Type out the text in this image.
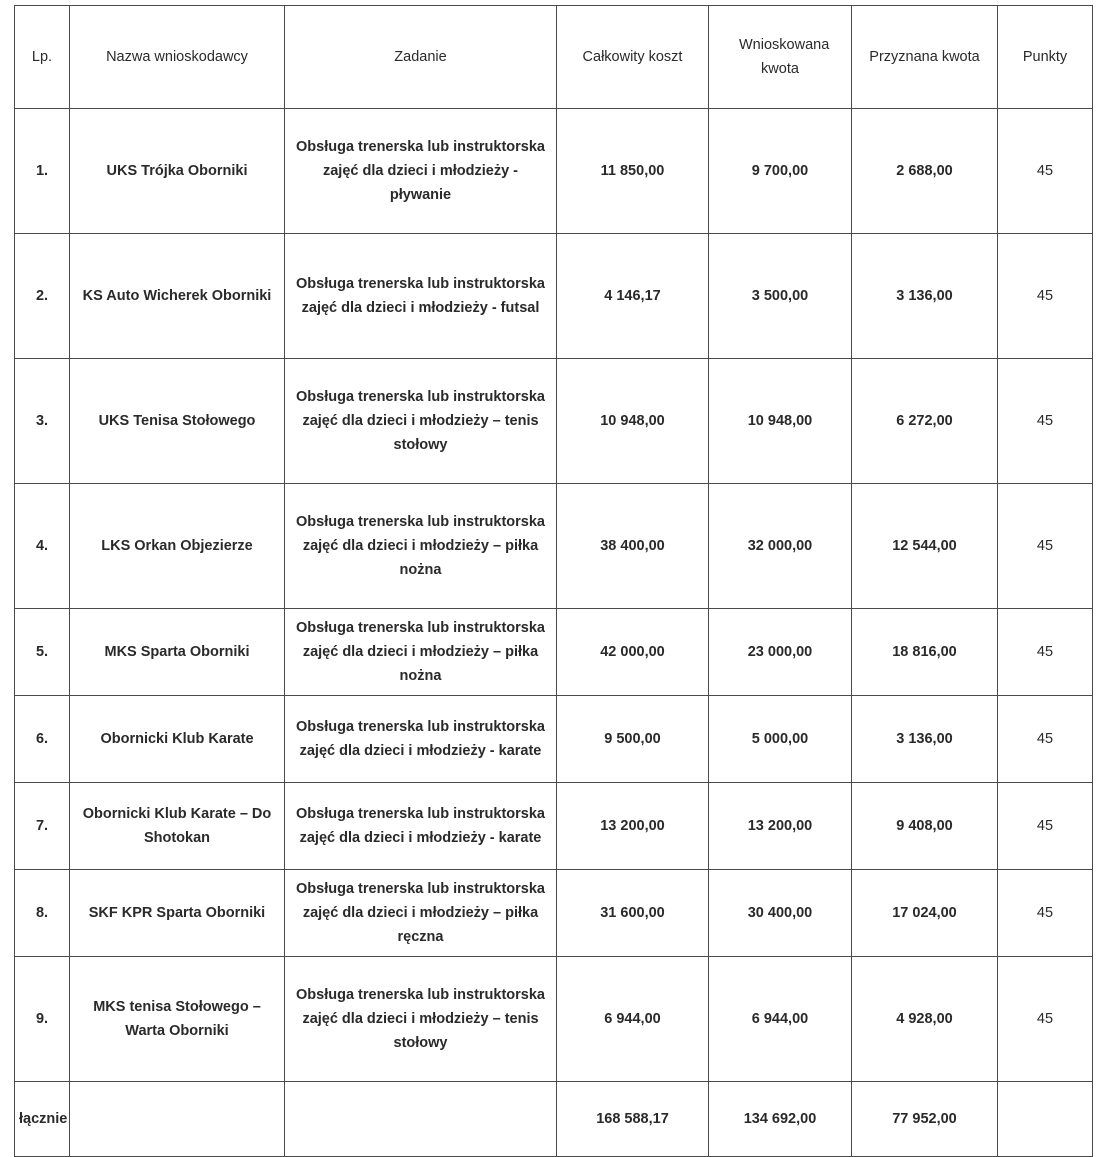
Lp.	Nazwa wnioskodawcy	Zadanie	Całkowity koszt	Wnioskowana kwota	Przyznana kwota	Punkty
1.	UKS Trójka Oborniki	Obsługa trenerska lub instruktorska zajęć dla dzieci i młodzieży - pływanie	11 850,00	9 700,00	2 688,00	45
2.	KS Auto Wicherek Oborniki	Obsługa trenerska lub instruktorska zajęć dla dzieci i młodzieży - futsal	4 146,17	3 500,00	3 136,00	45
3.	UKS Tenisa Stołowego	Obsługa trenerska lub instruktorska zajęć dla dzieci i młodzieży – tenis stołowy	10 948,00	10 948,00	6 272,00	45
4.	LKS Orkan Objezierze	Obsługa trenerska lub instruktorska zajęć dla dzieci i młodzieży – piłka nożna	38 400,00	32 000,00	12 544,00	45
5.	MKS Sparta Oborniki	Obsługa trenerska lub instruktorska zajęć dla dzieci i młodzieży – piłka nożna	42 000,00	23 000,00	18 816,00	45
6.	Obornicki Klub Karate	Obsługa trenerska lub instruktorska zajęć dla dzieci i młodzieży - karate	9 500,00	5 000,00	3 136,00	45
7.	Obornicki Klub Karate – Do Shotokan	Obsługa trenerska lub instruktorska zajęć dla dzieci i młodzieży - karate	13 200,00	13 200,00	9 408,00	45
8.	SKF KPR Sparta Oborniki	Obsługa trenerska lub instruktorska zajęć dla dzieci i młodzieży – piłka ręczna	31 600,00	30 400,00	17 024,00	45
9.	MKS tenisa Stołowego – Warta Oborniki	Obsługa trenerska lub instruktorska zajęć dla dzieci i młodzieży – tenis stołowy	6 944,00	6 944,00	4 928,00	45
łącznie			168 588,17	134 692,00	77 952,00	
